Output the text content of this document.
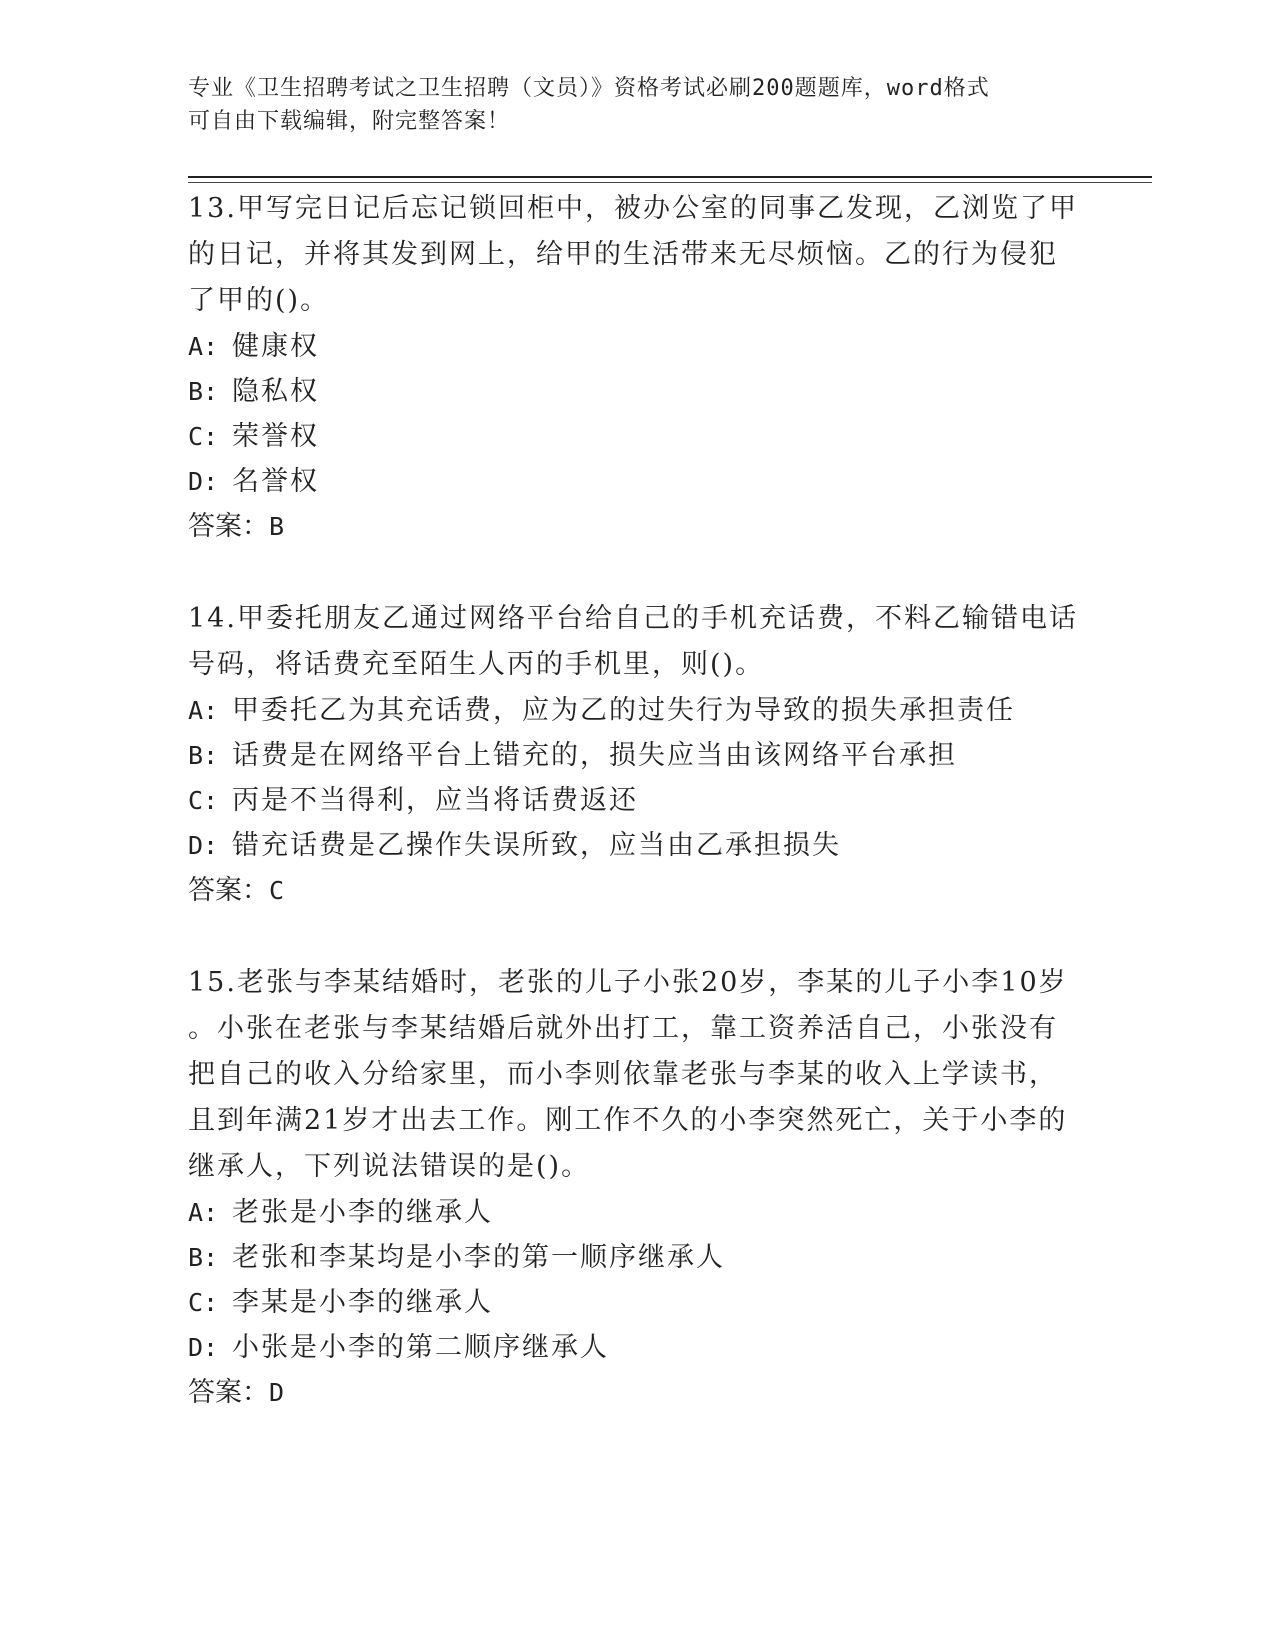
专业《卫生招聘考试之卫生招聘（文员）》资格考试必刷200题题库，word格式
可自由下载编辑，附完整答案！
13.甲写完日记后忘记锁回柜中，被办公室的同事乙发现，乙浏览了甲
的日记，并将其发到网上，给甲的生活带来无尽烦恼。乙的行为侵犯
了甲的()。
A: 健康权
B: 隐私权
C: 荣誉权
D: 名誉权
答案：B
14.甲委托朋友乙通过网络平台给自己的手机充话费，不料乙输错电话
号码，将话费充至陌生人丙的手机里，则()。
A: 甲委托乙为其充话费，应为乙的过失行为导致的损失承担责任
B: 话费是在网络平台上错充的，损失应当由该网络平台承担
C: 丙是不当得利，应当将话费返还
D: 错充话费是乙操作失误所致，应当由乙承担损失
答案：C
15.老张与李某结婚时，老张的儿子小张20岁，李某的儿子小李10岁
。小张在老张与李某结婚后就外出打工，靠工资养活自己，小张没有
把自己的收入分给家里，而小李则依靠老张与李某的收入上学读书，
且到年满21岁才出去工作。刚工作不久的小李突然死亡，关于小李的
继承人，下列说法错误的是()。
A: 老张是小李的继承人
B: 老张和李某均是小李的第一顺序继承人
C: 李某是小李的继承人
D: 小张是小李的第二顺序继承人
答案：D
